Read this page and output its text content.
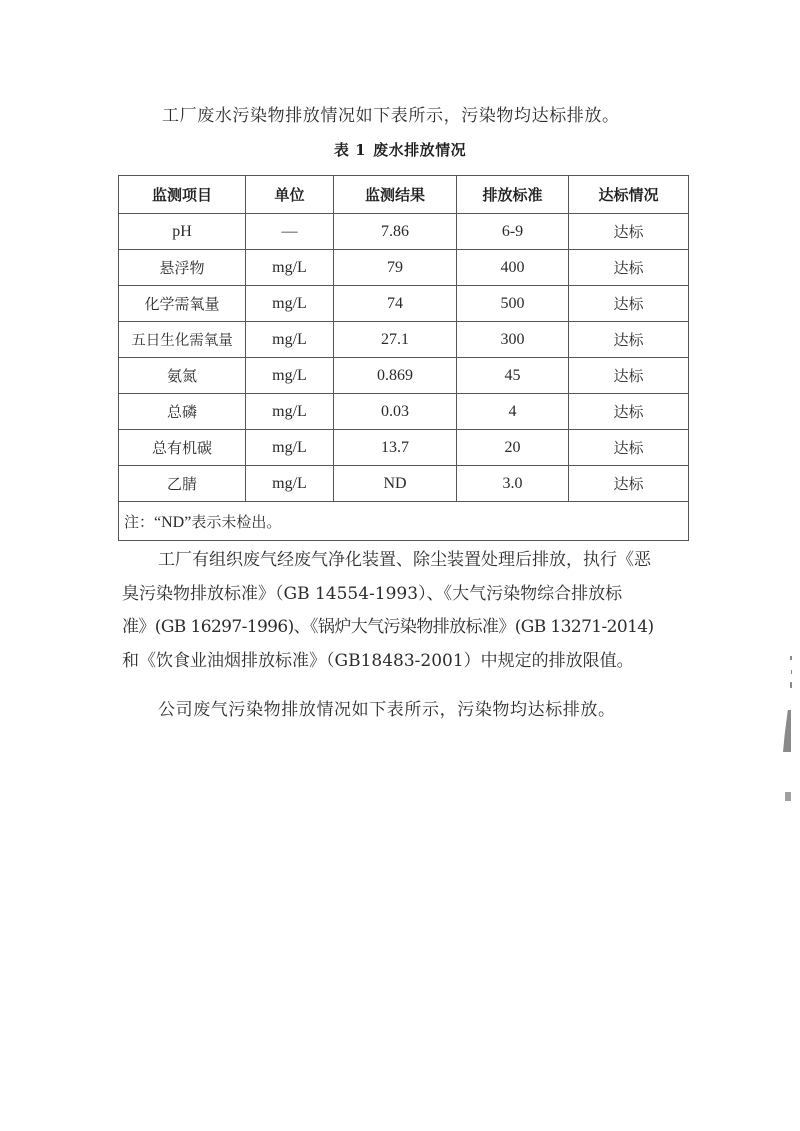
工厂废水污染物排放情况如下表所示，污染物均达标排放。

表 1 废水排放情况
监测项目	单位	监测结果	排放标准	达标情况
pH	—	7.86	6-9	达标
悬浮物	mg/L	79	400	达标
化学需氧量	mg/L	74	500	达标
五日生化需氧量	mg/L	27.1	300	达标
氨氮	mg/L	0.869	45	达标
总磷	mg/L	0.03	4	达标
总有机碳	mg/L	13.7	20	达标
乙腈	mg/L	ND	3.0	达标
注：“ND”表示未检出。				
工厂有组织废气经废气净化装置、除尘装置处理后排放，执行《恶
臭污染物排放标准》（GB 14554-1993）、《大气污染物综合排放标
准》(GB 16297-1996)、《锅炉大气污染物排放标准》(GB 13271-2014)
和《饮食业油烟排放标准》（GB18483-2001）中规定的排放限值。

公司废气污染物排放情况如下表所示，污染物均达标排放。
